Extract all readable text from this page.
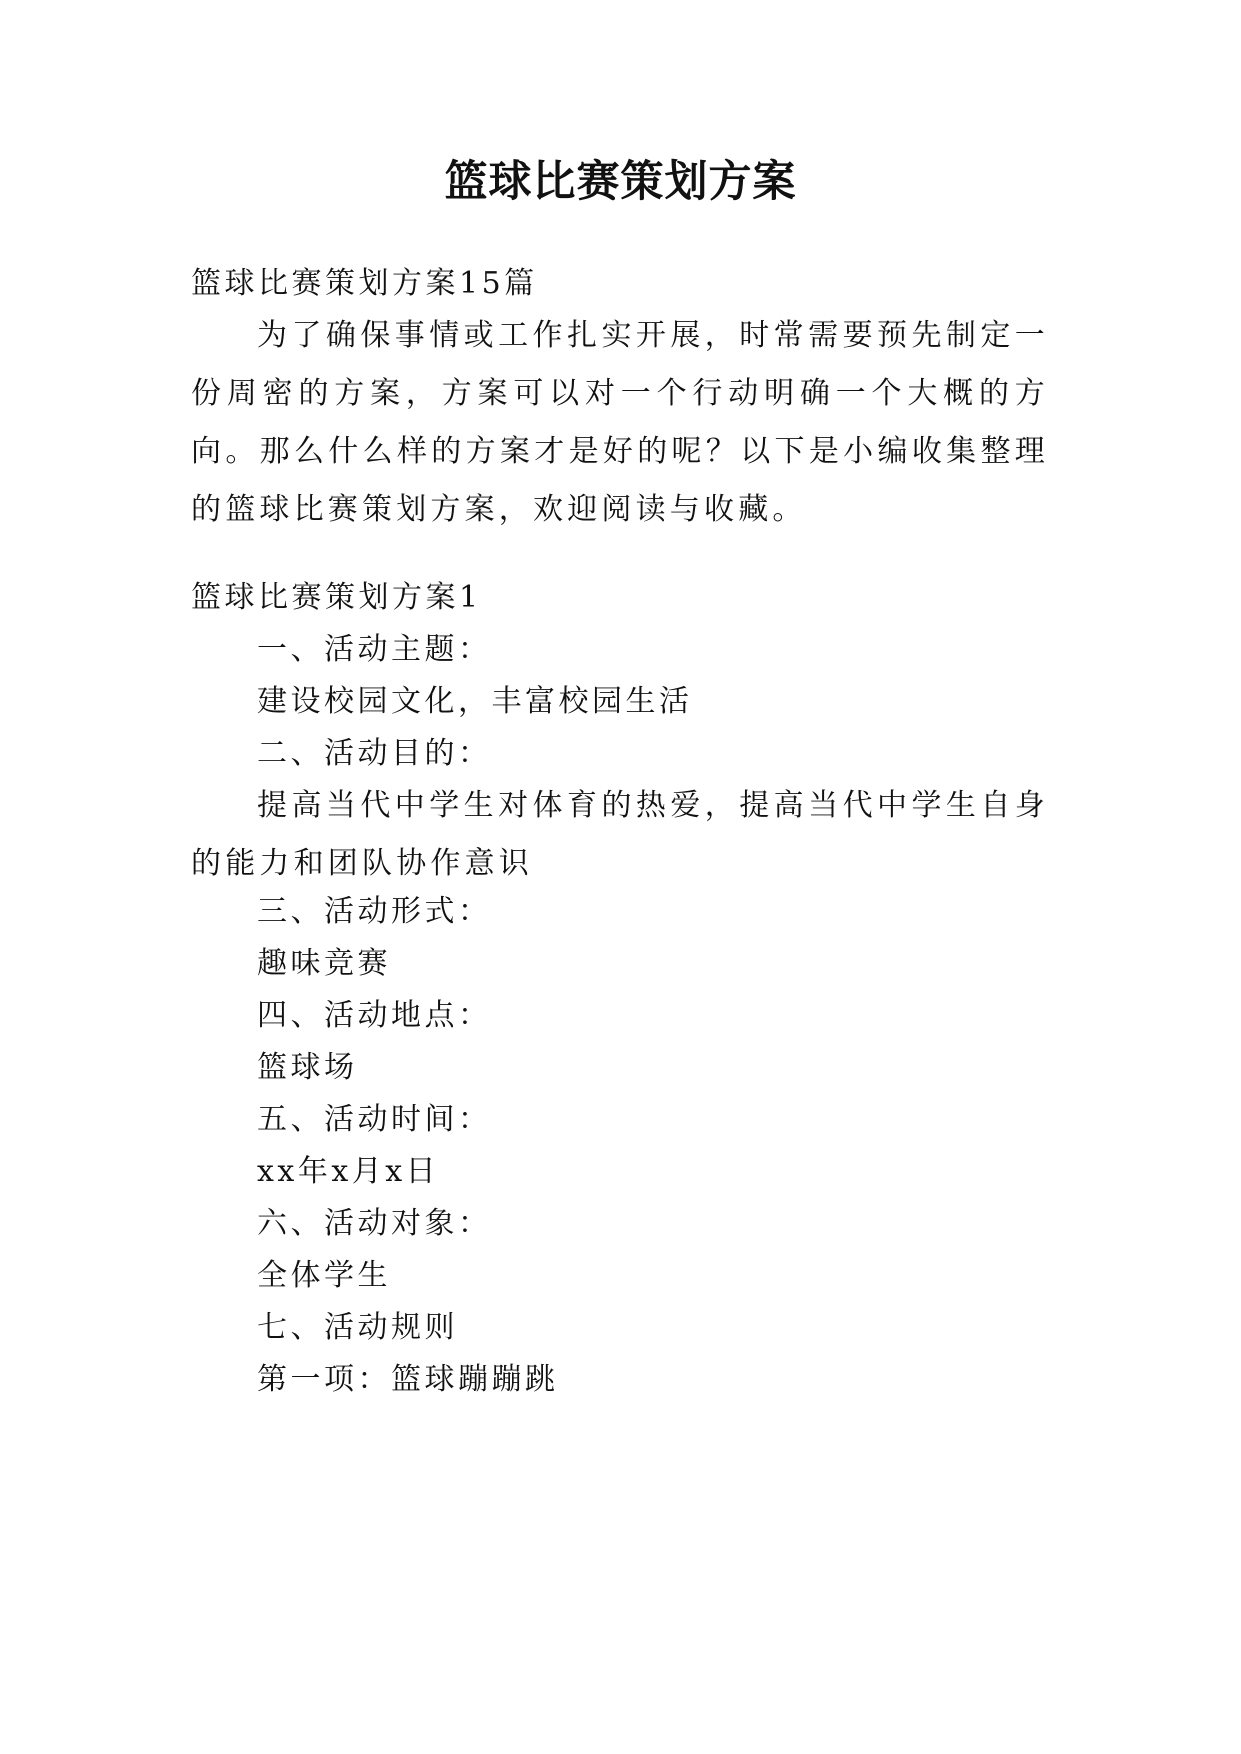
篮球比赛策划方案
篮球比赛策划方案15篇
为了确保事情或工作扎实开展，时常需要预先制定一份周密的方案，方案可以对一个行动明确一个大概的方向。那么什么样的方案才是好的呢？以下是小编收集整理的篮球比赛策划方案，欢迎阅读与收藏。
篮球比赛策划方案1
一、活动主题：
建设校园文化，丰富校园生活
二、活动目的：
提高当代中学生对体育的热爱，提高当代中学生自身的能力和团队协作意识
三、活动形式：
趣味竞赛
四、活动地点：
篮球场
五、活动时间：
xx年x月x日
六、活动对象：
全体学生
七、活动规则
第一项：篮球蹦蹦跳
